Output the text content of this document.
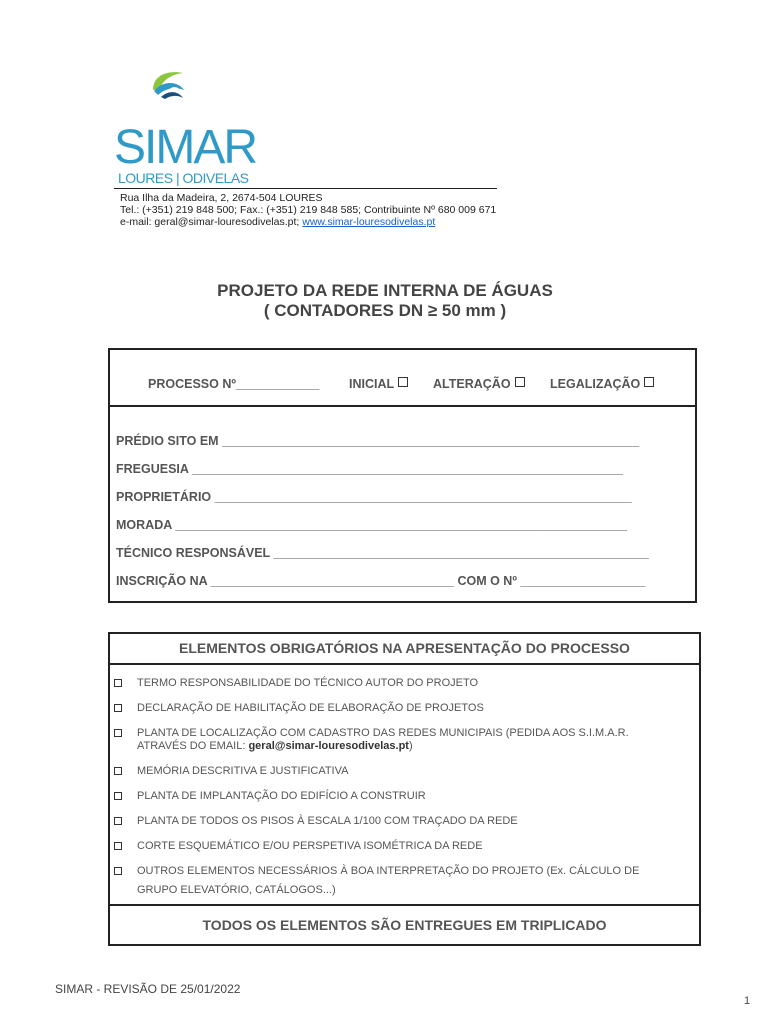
SIMAR
LOURES | ODIVELAS
Rua Ilha da Madeira, 2, 2674-504 LOURES
Tel.: (+351) 219 848 500; Fax.: (+351) 219 848 585; Contribuinte Nº 680 009 671
e-mail: geral@simar-louresodivelas.pt; www.simar-louresodivelas.pt
PROJETO DA REDE INTERNA DE ÁGUAS
( CONTADORES DN ≥ 50 mm )
PROCESSO Nº____________ INICIAL	ALTERAÇÃO	LEGALIZAÇÃO
PRÉDIO SITO EM ____________________________________________________________
FREGUESIA ______________________________________________________________
PROPRIETÁRIO ____________________________________________________________
MORADA _________________________________________________________________
TÉCNICO RESPONSÁVEL ______________________________________________________
INSCRIÇÃO NA ___________________________________ COM O Nº __________________
ELEMENTOS OBRIGATÓRIOS NA APRESENTAÇÃO DO PROCESSO
TERMO RESPONSABILIDADE DO TÉCNICO AUTOR DO PROJETO
DECLARAÇÃO DE HABILITAÇÃO DE ELABORAÇÃO DE PROJETOS
PLANTA DE LOCALIZAÇÃO COM CADASTRO DAS REDES MUNICIPAIS (PEDIDA AOS S.I.M.A.R.
ATRAVÉS DO EMAIL: geral@simar-louresodivelas.pt)
MEMÓRIA DESCRITIVA E JUSTIFICATIVA
PLANTA DE IMPLANTAÇÃO DO EDIFÍCIO A CONSTRUIR
PLANTA DE TODOS OS PISOS À ESCALA 1/100 COM TRAÇADO DA REDE
CORTE ESQUEMÁTICO E/OU PERSPETIVA ISOMÉTRICA DA REDE
OUTROS ELEMENTOS NECESSÁRIOS À BOA INTERPRETAÇÃO DO PROJETO (Ex. CÁLCULO DE
GRUPO ELEVATÓRIO, CATÁLOGOS...)
TODOS OS ELEMENTOS SÃO ENTREGUES EM TRIPLICADO
SIMAR - REVISÃO DE 25/01/2022
1
